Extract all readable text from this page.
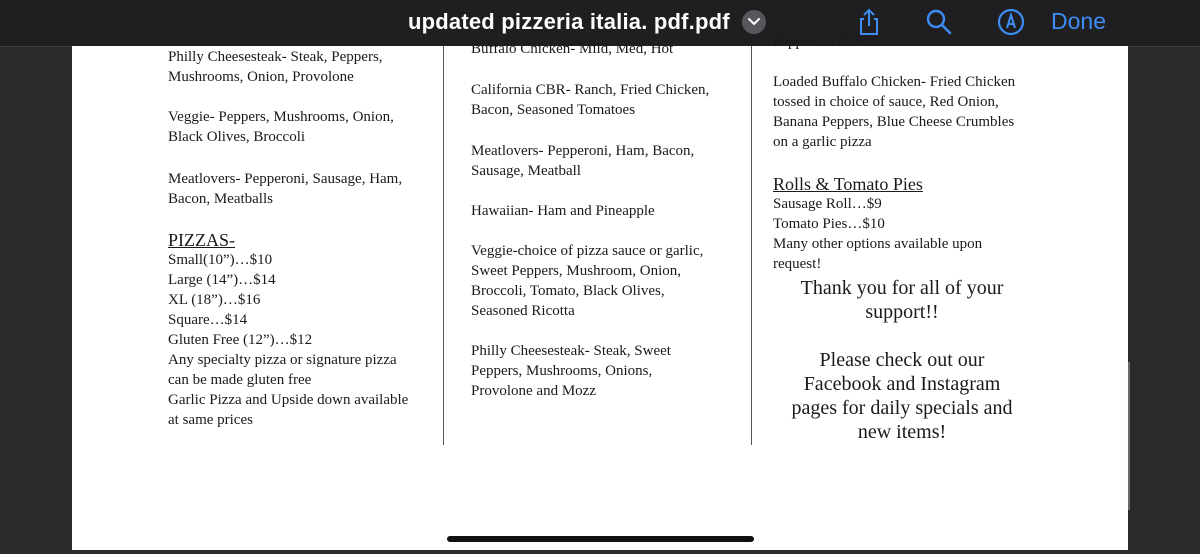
updated pizzeria italia. pdf.pdf	Done

Philly Cheesesteak- Steak, Peppers,

Mushrooms, Onion, Provolone

Veggie- Peppers, Mushrooms, Onion,

Black Olives, Broccoli

Meatlovers- Pepperoni, Sausage, Ham,

Bacon, Meatballs

PIZZAS-

Small(10”)…$10

Large (14”)…$14

XL (18”)…$16

Square…$14

Gluten Free (12”)…$12

Any specialty pizza or signature pizza

can be made gluten free

Garlic Pizza and Upside down available

at same prices

Buffalo Chicken- Mild, Med, Hot

California CBR- Ranch, Fried Chicken,

Bacon, Seasoned Tomatoes

Meatlovers- Pepperoni, Ham, Bacon,

Sausage, Meatball

Hawaiian- Ham and Pineapple

Veggie-choice of pizza sauce or garlic,

Sweet Peppers, Mushroom, Onion,

Broccoli, Tomato, Black Olives,

Seasoned Ricotta

Philly Cheesesteak- Steak, Sweet

Peppers, Mushrooms, Onions,

Provolone and Mozz

Pepperoni Ranch

Loaded Buffalo Chicken- Fried Chicken

tossed in choice of sauce, Red Onion,

Banana Peppers, Blue Cheese Crumbles

on a garlic pizza

Rolls & Tomato Pies

Sausage Roll…$9

Tomato Pies…$10

Many other options available upon

request!

Thank you for all of your
support!!
Please check out our
Facebook and Instagram
pages for daily specials and
new items!
